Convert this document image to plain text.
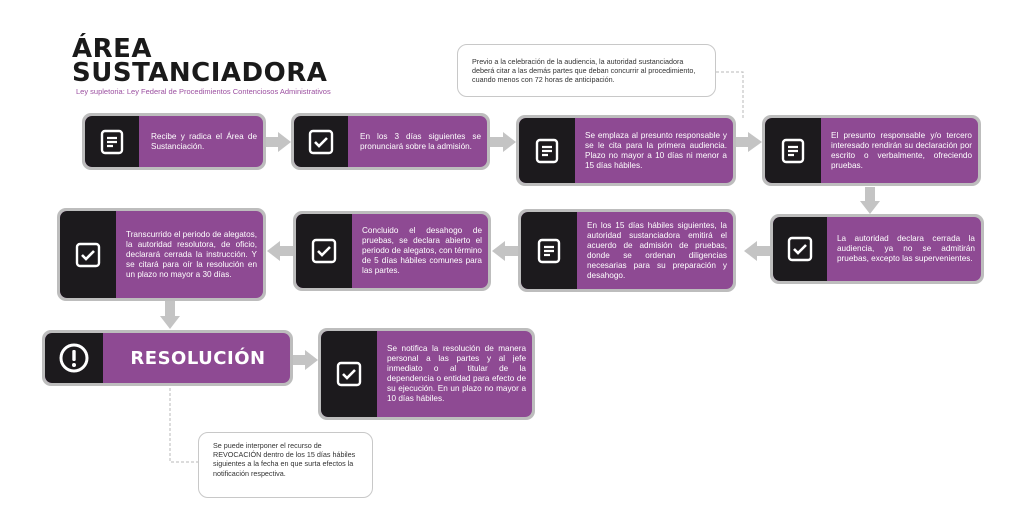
ÁREA
SUSTANCIADORA
Ley supletoria: Ley Federal de Procedimientos Contenciosos Administrativos
Previo a la celebración de la audiencia, la autoridad sustanciadora deberá citar a las demás partes que deban concurrir al procedimiento, cuando menos con 72 horas de anticipación.
Recibe y radica el Área de Sustanciación.
En los 3 días siguientes se pronunciará sobre la admisión.
Se emplaza al presunto responsable y se le cita para la primera audiencia. Plazo no mayor a 10 días ni menor a 15 días hábiles.
El presunto responsable y/o tercero interesado rendirán su declaración por escrito o verbalmente, ofreciendo pruebas.
La autoridad declara cerrada la audiencia, ya no se admitirán pruebas, excepto las supervenientes.
En los 15 días hábiles siguientes, la autoridad sustanciadora emitirá el acuerdo de admisión de pruebas, donde se ordenan diligencias necesarias para su preparación y desahogo.
Concluido el desahogo de pruebas, se declara abierto el periodo de alegatos, con término de 5 días hábiles comunes para las partes.
Transcurrido el periodo de alegatos, la autoridad resolutora, de oficio, declarará cerrada la instrucción. Y se citará para oír la resolución en un plazo no mayor a 30 días.
RESOLUCIÓN	Se notifica la resolución de manera personal a las partes y al jefe inmediato o al titular de la dependencia o entidad para efecto de su ejecución. En un plazo no mayor a 10 días hábiles.
Se puede interponer el recurso de REVOCACIÓN dentro de los 15 días hábiles siguientes a la fecha en que surta efectos la notificación respectiva.
